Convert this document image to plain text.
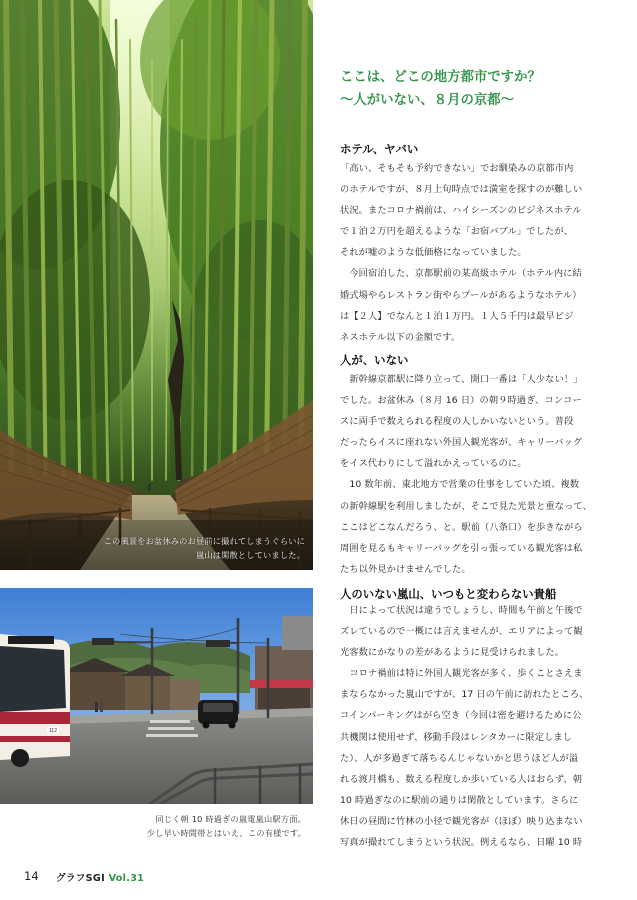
この風景をお盆休みのお昼前に撮れてしまうぐらいに
嵐山は閑散としていました。
112
同じく朝 10 時過ぎの嵐電嵐山駅方面。
少し早い時間帯とはいえ、この有様です。
ここは、どこの地方都市ですか？
〜人がいない、８月の京都〜
ホテル、ヤバい
「高い、そもそも予約できない」でお馴染みの京都市内
のホテルですが、８月上旬時点では満室を探すのが難しい
状況。またコロナ禍前は、ハイシーズンのビジネスホテル
で１泊２万円を超えるような「お宿バブル」でしたが、
それが嘘のような低価格になっていました。
　今回宿泊した、京都駅前の某高級ホテル（ホテル内に結
婚式場やらレストラン街やらプールがあるようなホテル）
は【２人】でなんと１泊１万円。１人５千円は最早ビジ
ネスホテル以下の金額です。
人が、いない
　新幹線京都駅に降り立って、開口一番は「人少ない！」
でした。お盆休み（８月 16 日）の朝９時過ぎ、コンコー
スに両手で数えられる程度の人しかいないという。普段
だったらイスに座れない外国人観光客が、キャリーバッグ
をイス代わりにして溢れかえっているのに。
　10 数年前、東北地方で営業の仕事をしていた頃、複数
の新幹線駅を利用しましたが、そこで見た光景と重なって、
ここはどこなんだろう、と。駅前（八条口）を歩きながら
周囲を見るもキャリーバッグを引っ張っている観光客は私
たち以外見かけませんでした。
人のいない嵐山、いつもと変わらない貴船
　日によって状況は違うでしょうし、時間も午前と午後で
ズレているので一概には言えませんが、エリアによって観
光客数にかなりの差があるように見受けられました。
　コロナ禍前は特に外国人観光客が多く、歩くことさえま
まならなかった嵐山ですが、17 日の午前に訪れたところ、
コインパーキングはがら空き（今回は密を避けるために公
共機関は使用せず、移動手段はレンタカーに限定しまし
た）、人が多過ぎて落ちるんじゃないかと思うほど人が溢
れる渡月橋も、数える程度しか歩いている人はおらず、朝
10 時過ぎなのに駅前の通りは閑散としています。さらに
休日の昼間に竹林の小径で観光客が（ほぼ）映り込まない
写真が撮れてしまうという状況。例えるなら、日曜 10 時
14 グラフSGI Vol.31
